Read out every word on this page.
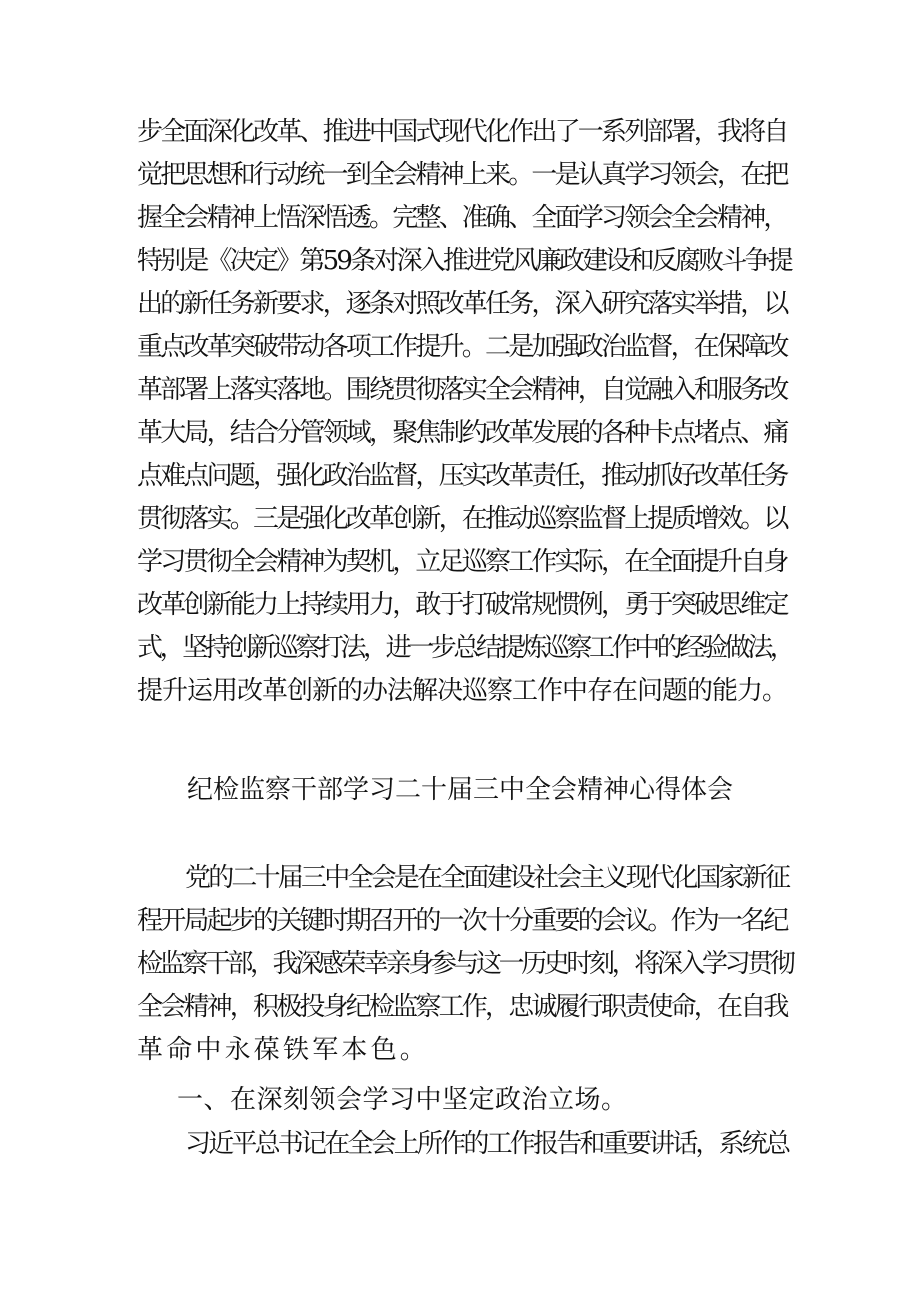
步全面深化改革、推进中国式现代化作出了一系列部署，我将自
觉把思想和行动统一到全会精神上来。一是认真学习领会，在把
握全会精神上悟深悟透。完整、准确、全面学习领会全会精神，
特别是《决定》第59条对深入推进党风廉政建设和反腐败斗争提
出的新任务新要求，逐条对照改革任务，深入研究落实举措，以
重点改革突破带动各项工作提升。二是加强政治监督，在保障改
革部署上落实落地。围绕贯彻落实全会精神，自觉融入和服务改
革大局，结合分管领域，聚焦制约改革发展的各种卡点堵点、痛
点难点问题，强化政治监督，压实改革责任，推动抓好改革任务
贯彻落实。三是强化改革创新，在推动巡察监督上提质增效。以
学习贯彻全会精神为契机，立足巡察工作实际，在全面提升自身
改革创新能力上持续用力，敢于打破常规惯例，勇于突破思维定
式，坚持创新巡察打法，进一步总结提炼巡察工作中的经验做法，
提升运用改革创新的办法解决巡察工作中存在问题的能力。
纪检监察干部学习二十届三中全会精神心得体会
党的二十届三中全会是在全面建设社会主义现代化国家新征
程开局起步的关键时期召开的一次十分重要的会议。作为一名纪
检监察干部，我深感荣幸亲身参与这一历史时刻，将深入学习贯彻
全会精神，积极投身纪检监察工作，忠诚履行职责使命，在自我
革命中永葆铁军本色。
一、在深刻领会学习中坚定政治立场。
习近平总书记在全会上所作的工作报告和重要讲话，系统总
